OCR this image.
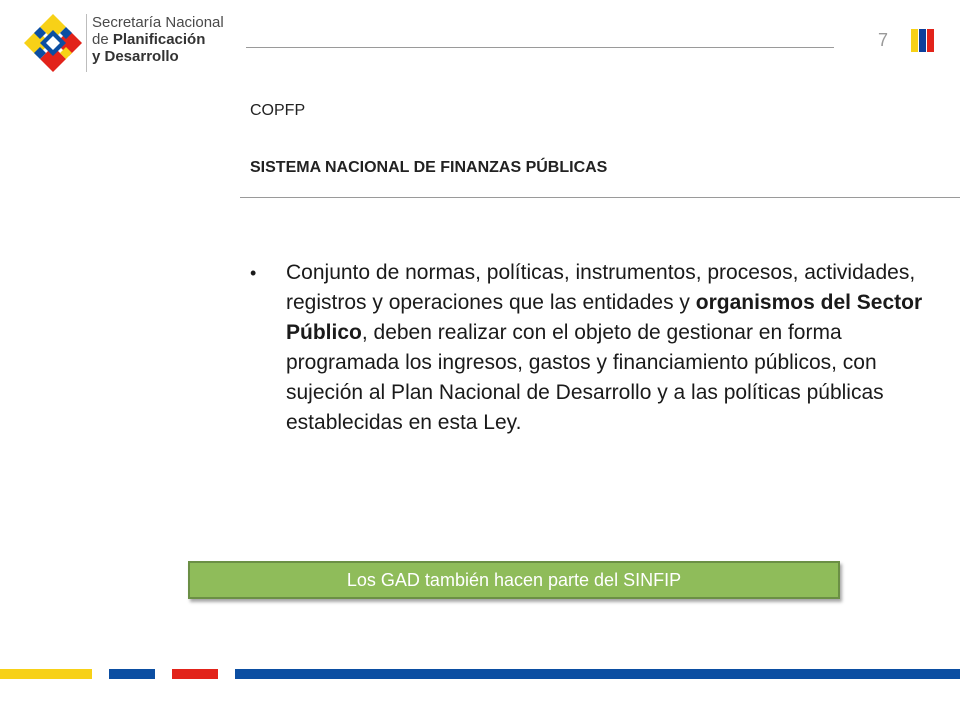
Secretaría Nacional
de Planificación
y Desarrollo
7
COPFP
SISTEMA NACIONAL DE FINANZAS PÚBLICAS
• Conjunto de normas, políticas, instrumentos, procesos, actividades, registros y operaciones que las entidades y organismos del Sector Público, deben realizar con el objeto de gestionar en forma programada los ingresos, gastos y financiamiento públicos, con sujeción al Plan Nacional de Desarrollo y a las políticas públicas establecidas en esta Ley.
Los GAD también hacen parte del SINFIP
